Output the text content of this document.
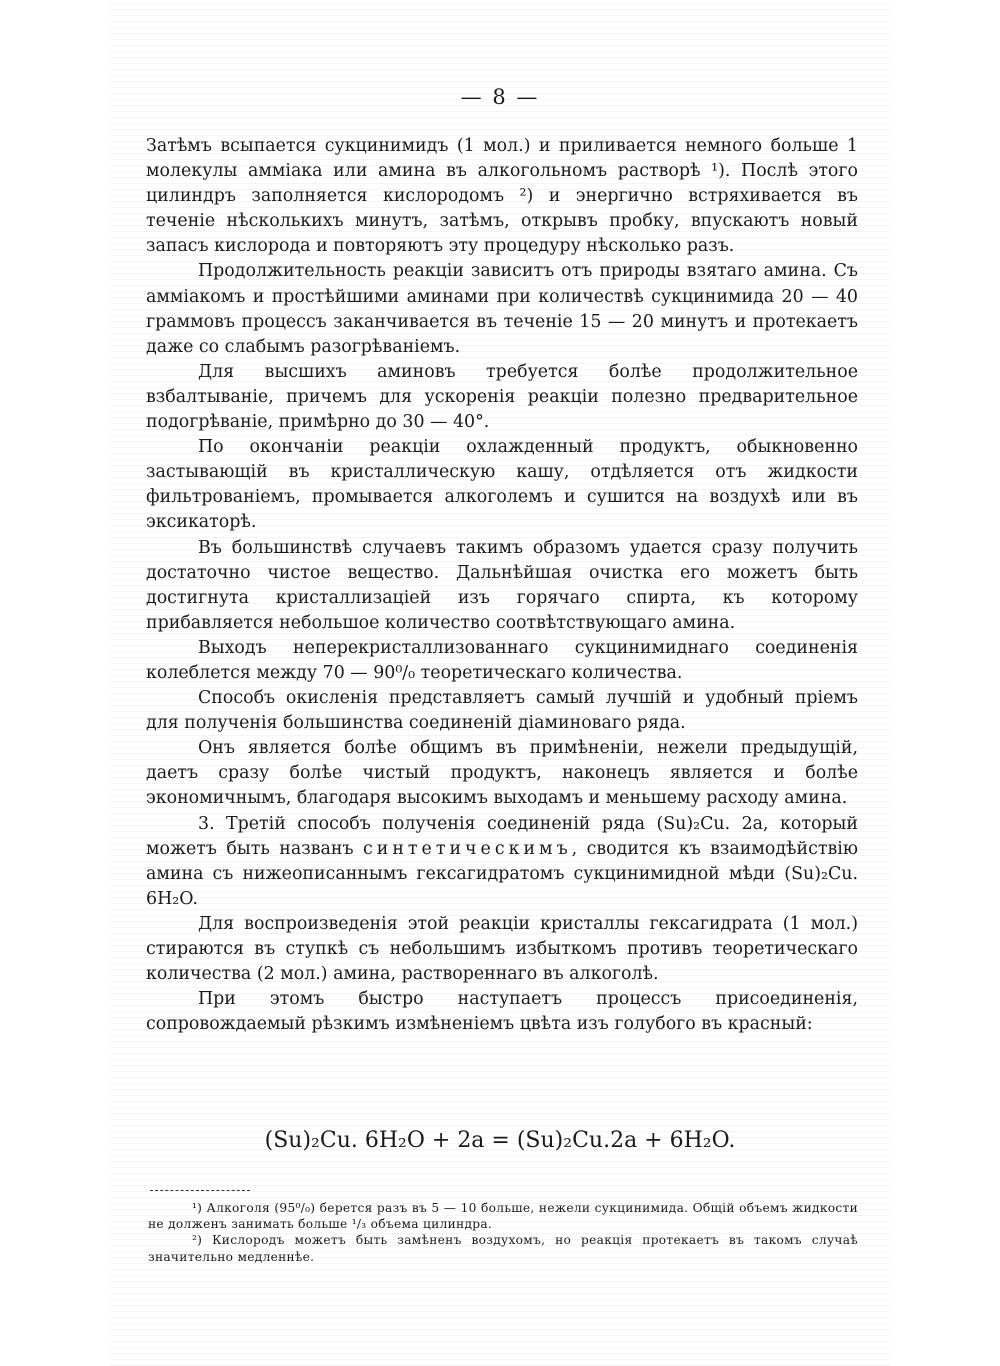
— 8 —

Затѣмъ всыпается сукцинимидъ (1 мол.) и приливается немного больше 1 молекулы амміака или амина въ алкогольномъ растворѣ ¹). Послѣ этого цилиндръ заполняется кислородомъ ²) и энергично встряхивается въ теченіе нѣсколькихъ минутъ, затѣмъ, открывъ пробку, впускаютъ новый запасъ кислорода и повторяютъ эту процедуру нѣсколько разъ.

Продолжительность реакціи зависитъ отъ природы взятаго амина. Съ амміакомъ и простѣйшими аминами при количествѣ сукцинимида 20 — 40 граммовъ процессъ заканчивается въ теченіе 15 — 20 минутъ и протекаетъ даже со слабымъ разогрѣваніемъ.

Для высшихъ аминовъ требуется болѣе продолжительное взбалтываніе, причемъ для ускоренія реакціи полезно предварительное подогрѣваніе, примѣрно до 30 — 40°.

По окончаніи реакціи охлажденный продуктъ, обыкновенно застывающій въ кристаллическую кашу, отдѣляется отъ жидкости фильтрованіемъ, промывается алкоголемъ и сушится на воздухѣ или въ эксикаторѣ.

Въ большинствѣ случаевъ такимъ образомъ удается сразу получить достаточно чистое вещество. Дальнѣйшая очистка его можетъ быть достигнута кристаллизаціей изъ горячаго спирта, къ которому прибавляется небольшое количество соотвѣтствующаго амина.

Выходъ неперекристаллизованнаго сукцинимиднаго соединенія колеблется между 70 — 90⁰/₀ теоретическаго количества.

Способъ окисленія представляетъ самый лучшій и удобный пріемъ для полученія большинства соединеній діаминоваго ряда.

Онъ является болѣе общимъ въ примѣненіи, нежели предыдущій, даетъ сразу болѣе чистый продуктъ, наконецъ является и болѣе экономичнымъ, благодаря высокимъ выходамъ и меньшему расходу амина.

3. Третій способъ полученія соединеній ряда (Su)₂Cu. 2a, который можетъ быть названъ синтетическимъ, сводится къ взаимодѣйствію амина съ нижеописаннымъ гексагидратомъ сукцинимидной мѣди (Su)₂Cu. 6H₂O.

Для воспроизведенія этой реакціи кристаллы гексагидрата (1 мол.) стираются въ ступкѣ съ небольшимъ избыткомъ противъ теоретическаго количества (2 мол.) амина, раствореннаго въ алкоголѣ.

При этомъ быстро наступаетъ процессъ присоединенія, сопровождаемый рѣзкимъ измѣненіемъ цвѣта изъ голубого въ красный:

(Su)₂Cu. 6H₂O + 2a = (Su)₂Cu.2a + 6H₂O.

¹) Алкоголя (95⁰/₀) берется разъ въ 5 — 10 больше, нежели сукцинимида. Общій объемъ жидкости не долженъ занимать больше ¹/₃ объема цилиндра.

²) Кислородъ можетъ быть замѣненъ воздухомъ, но реакція протекаетъ въ такомъ случаѣ значительно медленнѣе.
